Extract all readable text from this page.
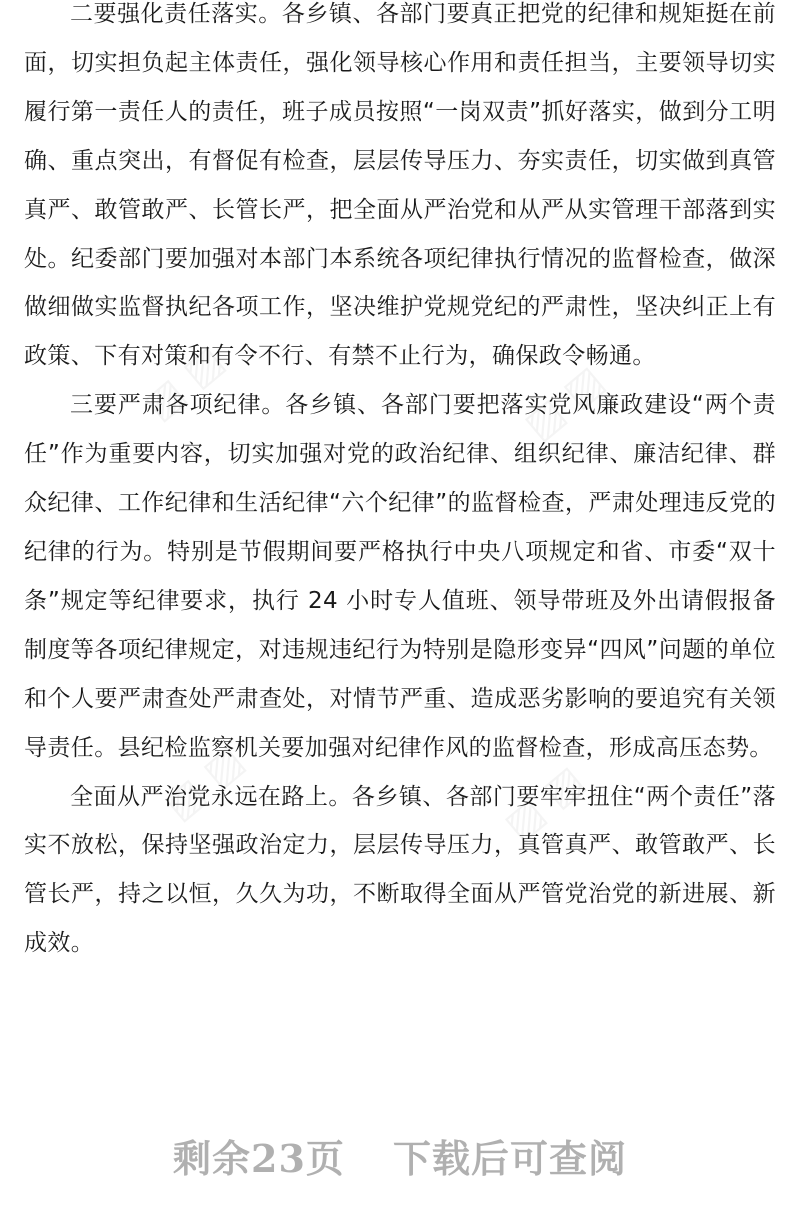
二要强化责任落实。各乡镇、各部门要真正把党的纪律和规矩挺在前面，切实担负起主体责任，强化领导核心作用和责任担当，主要领导切实履行第一责任人的责任，班子成员按照“一岗双责”抓好落实，做到分工明确、重点突出，有督促有检查，层层传导压力、夯实责任，切实做到真管真严、敢管敢严、长管长严，把全面从严治党和从严从实管理干部落到实处。纪委部门要加强对本部门本系统各项纪律执行情况的监督检查，做深做细做实监督执纪各项工作，坚决维护党规党纪的严肃性，坚决纠正上有政策、下有对策和有令不行、有禁不止行为，确保政令畅通。

三要严肃各项纪律。各乡镇、各部门要把落实党风廉政建设“两个责任”作为重要内容，切实加强对党的政治纪律、组织纪律、廉洁纪律、群众纪律、工作纪律和生活纪律“六个纪律”的监督检查，严肃处理违反党的纪律的行为。特别是节假期间要严格执行中央八项规定和省、市委“双十条”规定等纪律要求，执行 24 小时专人值班、领导带班及外出请假报备制度等各项纪律规定，对违规违纪行为特别是隐形变异“四风”问题的单位和个人要严肃查处严肃查处，对情节严重、造成恶劣影响的要追究有关领导责任。县纪检监察机关要加强对纪律作风的监督检查，形成高压态势。

全面从严治党永远在路上。各乡镇、各部门要牢牢扭住“两个责任”落实不放松，保持坚强政治定力，层层传导压力，真管真严、敢管敢严、长管长严，持之以恒，久久为功，不断取得全面从严管党治党的新进展、新成效。

剩余23页 下载后可查阅
